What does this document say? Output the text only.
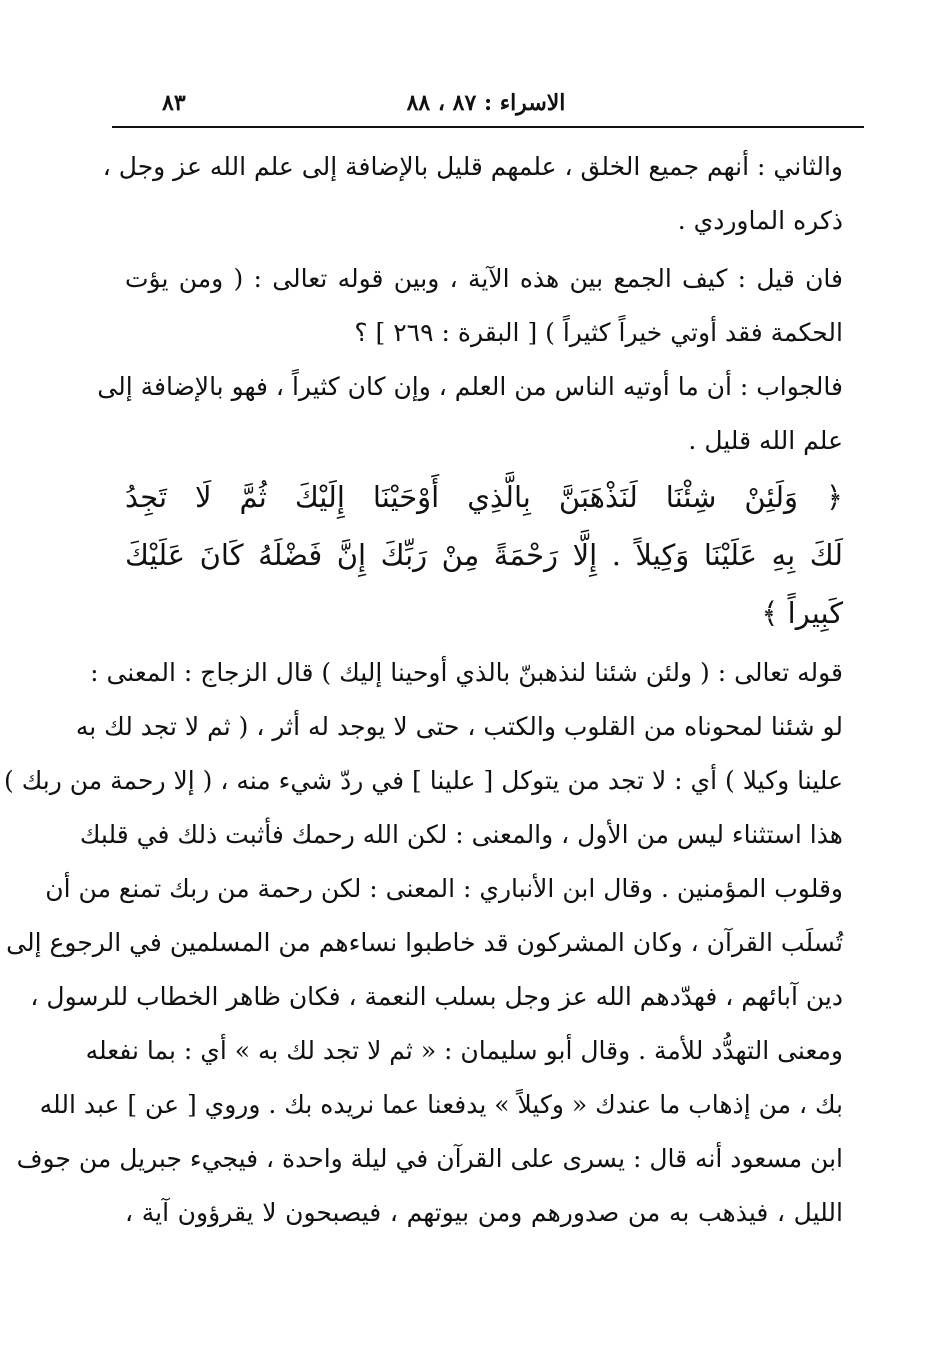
٨٣	الاسراء : ٨٧ ، ٨٨
والثاني : أنهم جميع الخلق ، علمهم قليل بالإضافة إلى علم الله عز وجل ،
ذكره الماوردي .
فان قيل : كيف الجمع بين هذه الآية ، وبين قوله تعالى : ( ومن يؤت
الحكمة فقد أوتي خيراً كثيراً ) [ البقرة : ٢٦٩ ] ؟
فالجواب : أن ما أوتيه الناس من العلم ، وإن كان كثيراً ، فهو بالإضافة إلى
علم الله قليل .
﴿ وَلَئِنْ شِئْنَا لَنَذْهَبَنَّ بِالَّذِي أَوْحَيْنَا إِلَيْكَ ثُمَّ لَا تَجِدُ
لَكَ بِهِ عَلَيْنَا وَكِيلاً . إِلَّا رَحْمَةً مِنْ رَبِّكَ إِنَّ فَضْلَهُ كَانَ عَلَيْكَ
كَبِيراً ﴾
قوله تعالى : ( ولئن شئنا لنذهبنّ بالذي أوحينا إليك ) قال الزجاج : المعنى :
لو شئنا لمحوناه من القلوب والكتب ، حتى لا يوجد له أثر ، ( ثم لا تجد لك به
علينا وكيلا ) أي : لا تجد من يتوكل [ علينا ] في ردّ شيء منه ، ( إلا رحمة من ربك )
هذا استثناء ليس من الأول ، والمعنى : لكن الله رحمك فأثبت ذلك في قلبك
وقلوب المؤمنين . وقال ابن الأنباري : المعنى : لكن رحمة من ربك تمنع من أن
تُسلَب القرآن ، وكان المشركون قد خاطبوا نساءهم من المسلمين في الرجوع إلى
دين آبائهم ، فهدّدهم الله عز وجل بسلب النعمة ، فكان ظاهر الخطاب للرسول ،
ومعنى التهدُّد للأمة . وقال أبو سليمان : « ثم لا تجد لك به » أي : بما نفعله
بك ، من إذهاب ما عندك « وكيلاً » يدفعنا عما نريده بك . وروي [ عن ] عبد الله
ابن مسعود أنه قال : يسرى على القرآن في ليلة واحدة ، فيجيء جبريل من جوف
الليل ، فيذهب به من صدورهم ومن بيوتهم ، فيصبحون لا يقرؤون آية ،
